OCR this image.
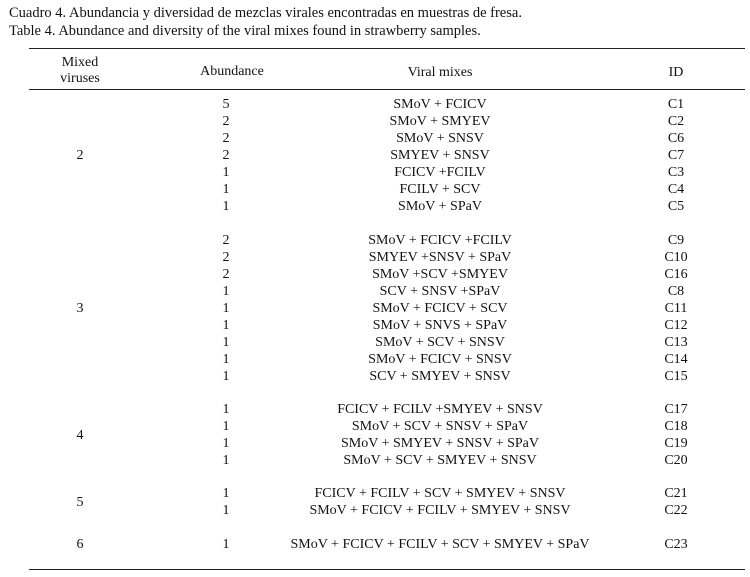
Cuadro 4. Abundancia y diversidad de mezclas virales encontradas en muestras de fresa.
Table 4. Abundance and diversity of the viral mixes found in strawberry samples.
Mixed
viruses	Abundance	Viral mixes	ID
2
5	SMoV + FCICV	C1
2	SMoV + SMYEV	C2
2	SMoV + SNSV	C6
2	SMYEV + SNSV	C7
1	FCICV +FCILV	C3
1	FCILV + SCV	C4
1	SMoV + SPaV	C5
3
2	SMoV + FCICV +FCILV	C9
2	SMYEV +SNSV + SPaV	C10
2	SMoV +SCV +SMYEV	C16
1	SCV + SNSV +SPaV	C8
1	SMoV + FCICV + SCV	C11
1	SMoV + SNVS + SPaV	C12
1	SMoV + SCV + SNSV	C13
1	SMoV + FCICV + SNSV	C14
1	SCV + SMYEV + SNSV	C15
4
1	FCICV + FCILV +SMYEV + SNSV	C17
1	SMoV + SCV + SNSV + SPaV	C18
1	SMoV + SMYEV + SNSV + SPaV	C19
1	SMoV + SCV + SMYEV + SNSV	C20
5
1	FCICV + FCILV + SCV + SMYEV + SNSV	C21
1	SMoV + FCICV + FCILV + SMYEV + SNSV	C22
6	1	SMoV + FCICV + FCILV + SCV + SMYEV + SPaV	C23
